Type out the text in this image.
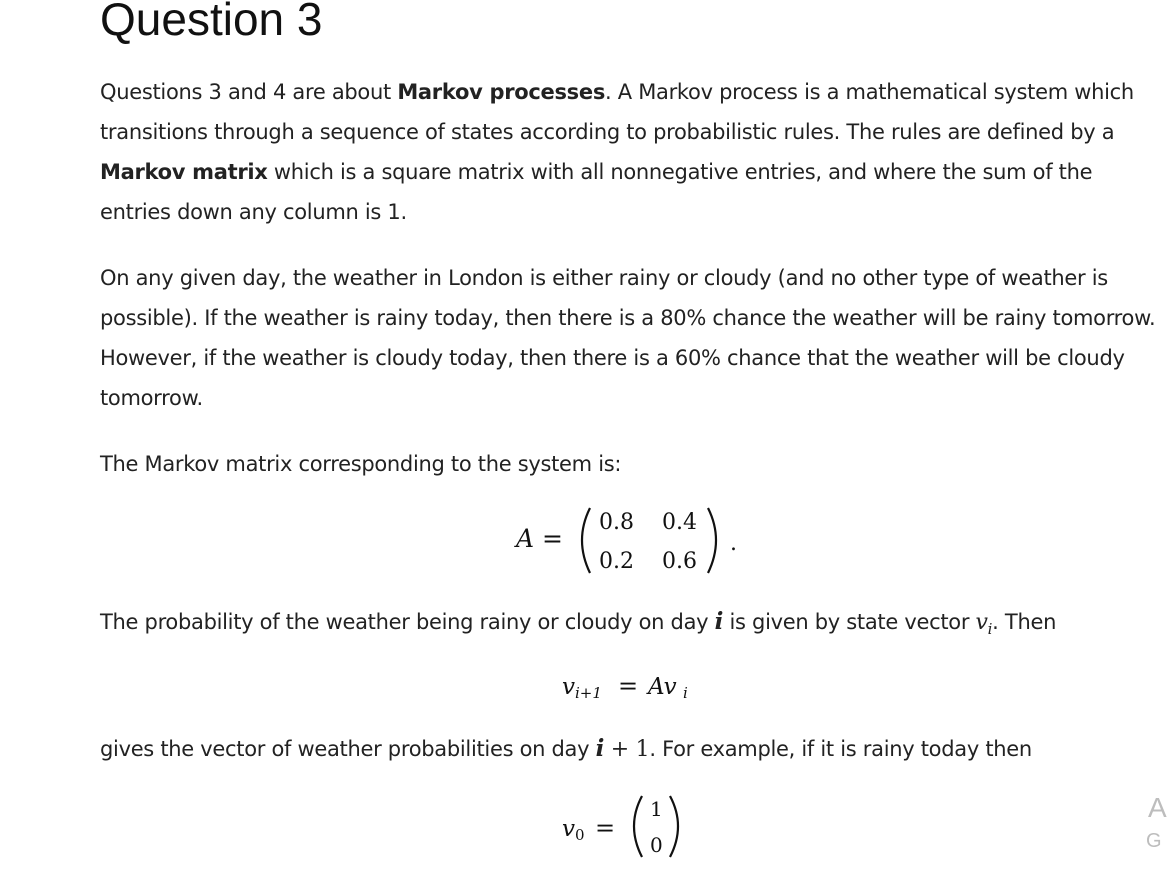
Question 3

Questions 3 and 4 are about Markov processes. A Markov process is a mathematical system which transitions through a sequence of states according to probabilistic rules. The rules are defined by a Markov matrix which is a square matrix with all nonnegative entries, and where the sum of the entries down any column is 1.

On any given day, the weather in London is either rainy or cloudy (and no other type of weather is possible). If the weather is rainy today, then there is a 80% chance the weather will be rainy tomorrow. However, if the weather is cloudy today, then there is a 60% chance that the weather will be cloudy tomorrow.

The Markov matrix corresponding to the system is:

The probability of the weather being rainy or cloudy on day i is given by state vector $v_i$. Then

gives the vector of weather probabilities on day i + 1. For example, if it is rainy today then

A =
0.8 0.4
0.2 0.6
.
v i+1 = Av i
v 0 =
1
0
A
G
